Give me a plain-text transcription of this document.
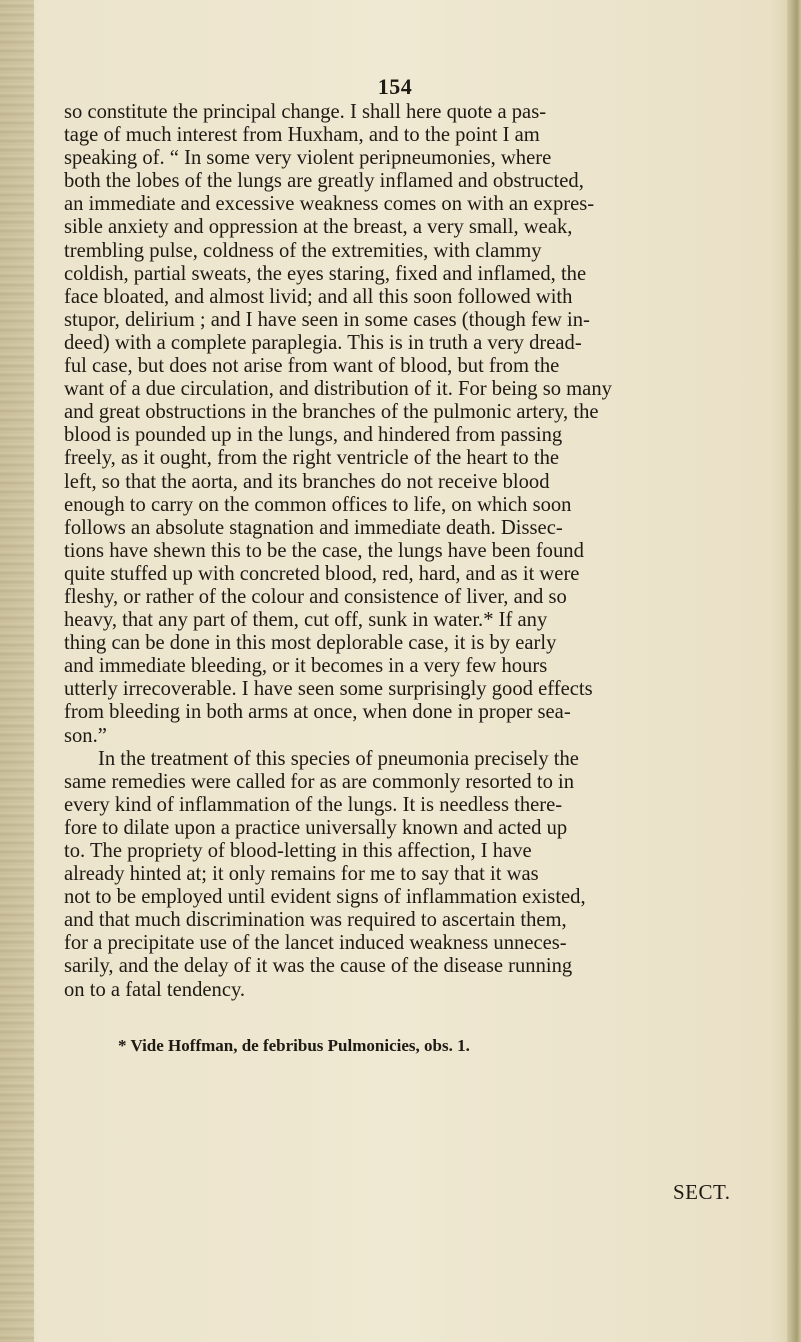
154
so constitute the principal change. I shall here quote a pas-
tage of much interest from Huxham, and to the point I am
speaking of. “ In some very violent peripneumonies, where
both the lobes of the lungs are greatly inflamed and obstructed,
an immediate and excessive weakness comes on with an expres-
sible anxiety and oppression at the breast, a very small, weak,
trembling pulse, coldness of the extremities, with clammy
coldish, partial sweats, the eyes staring, fixed and inflamed, the
face bloated, and almost livid; and all this soon followed with
stupor, delirium ; and I have seen in some cases (though few in-
deed) with a complete paraplegia. This is in truth a very dread-
ful case, but does not arise from want of blood, but from the
want of a due circulation, and distribution of it. For being so many
and great obstructions in the branches of the pulmonic artery, the
blood is pounded up in the lungs, and hindered from passing
freely, as it ought, from the right ventricle of the heart to the
left, so that the aorta, and its branches do not receive blood
enough to carry on the common offices to life, on which soon
follows an absolute stagnation and immediate death. Dissec-
tions have shewn this to be the case, the lungs have been found
quite stuffed up with concreted blood, red, hard, and as it were
fleshy, or rather of the colour and consistence of liver, and so
heavy, that any part of them, cut off, sunk in water.* If any
thing can be done in this most deplorable case, it is by early
and immediate bleeding, or it becomes in a very few hours
utterly irrecoverable. I have seen some surprisingly good effects
from bleeding in both arms at once, when done in proper sea-
son.”
In the treatment of this species of pneumonia precisely the
same remedies were called for as are commonly resorted to in
every kind of inflammation of the lungs. It is needless there-
fore to dilate upon a practice universally known and acted up
to. The propriety of blood-letting in this affection, I have
already hinted at; it only remains for me to say that it was
not to be employed until evident signs of inflammation existed,
and that much discrimination was required to ascertain them,
for a precipitate use of the lancet induced weakness unneces-
sarily, and the delay of it was the cause of the disease running
on to a fatal tendency.
* Vide Hoffman, de febribus Pulmonicies, obs. 1.
SECT.
